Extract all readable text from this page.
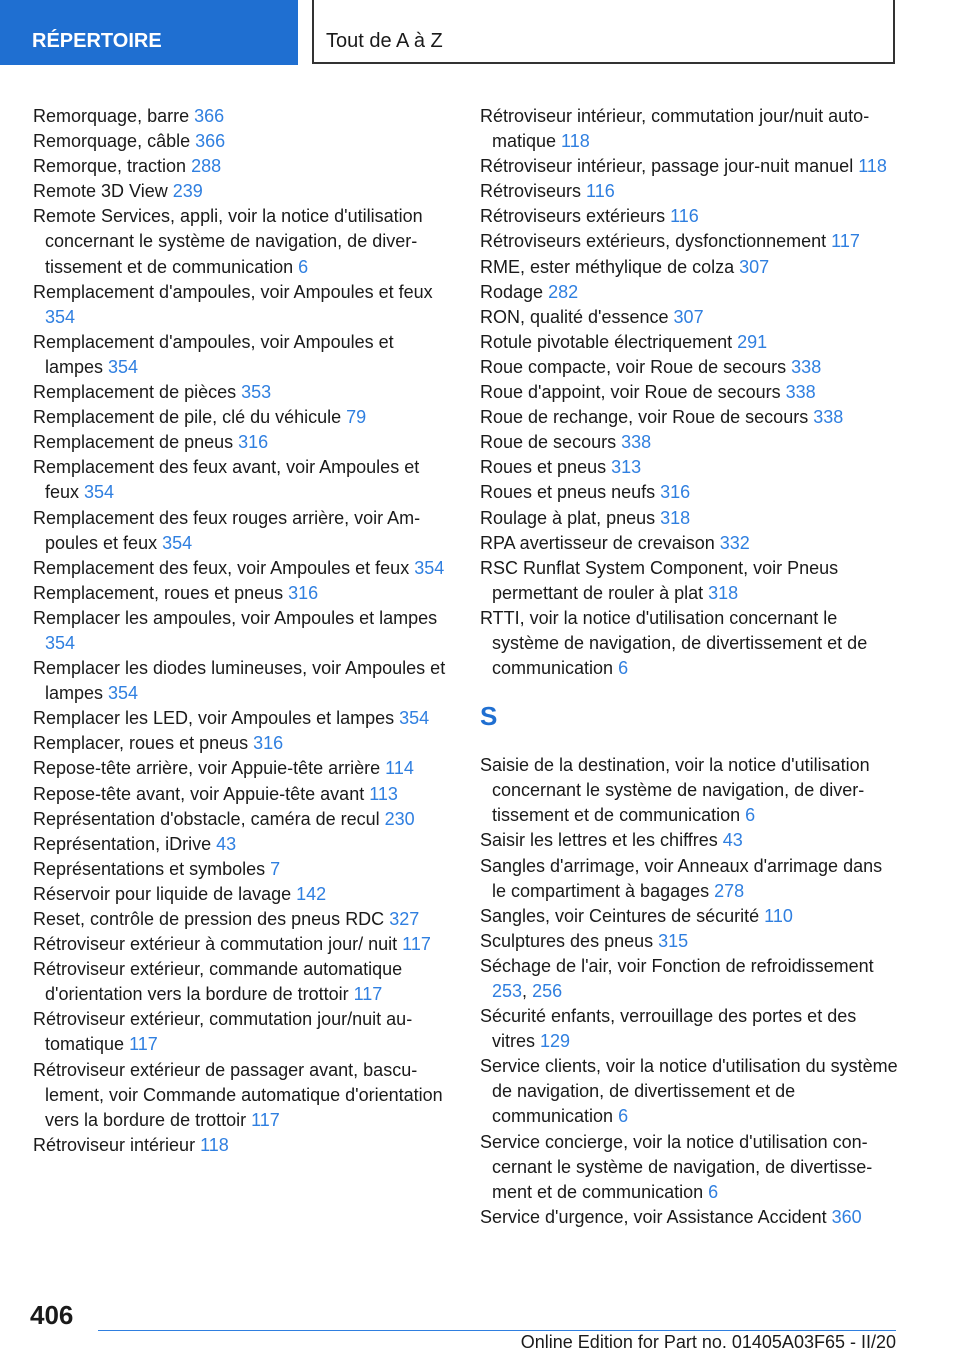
RÉPERTOIRE	Tout de A à Z
Remorquage, barre 366
Remorquage, câble 366
Remorque, traction 288
Remote 3D View 239
Remote Services, appli, voir la notice d'utilisation concernant le système de navigation, de divertissement et de communication 6
Remplacement d'ampoules, voir Ampoules et feux 354
Remplacement d'ampoules, voir Ampoules et lampes 354
Remplacement de pièces 353
Remplacement de pile, clé du véhicule 79
Remplacement de pneus 316
Remplacement des feux avant, voir Ampoules et feux 354
Remplacement des feux rouges arrière, voir Ampoules et feux 354
Remplacement des feux, voir Ampoules et feux 354
Remplacement, roues et pneus 316
Remplacer les ampoules, voir Ampoules et lampes 354
Remplacer les diodes lumineuses, voir Ampoules et lampes 354
Remplacer les LED, voir Ampoules et lampes 354
Remplacer, roues et pneus 316
Repose-tête arrière, voir Appuie-tête arrière 114
Repose-tête avant, voir Appuie-tête avant 113
Représentation d'obstacle, caméra de recul 230
Représentation, iDrive 43
Représentations et symboles 7
Réservoir pour liquide de lavage 142
Reset, contrôle de pression des pneus RDC 327
Rétroviseur extérieur à commutation jour/ nuit 117
Rétroviseur extérieur, commande automatique d'orientation vers la bordure de trottoir 117
Rétroviseur extérieur, commutation jour/nuit automatique 117
Rétroviseur extérieur de passager avant, basculement, voir Commande automatique d'orientation vers la bordure de trottoir 117
Rétroviseur intérieur 118
Rétroviseur intérieur, commutation jour/nuit automatique 118
Rétroviseur intérieur, passage jour-nuit manuel 118
Rétroviseurs 116
Rétroviseurs extérieurs 116
Rétroviseurs extérieurs, dysfonctionnement 117
RME, ester méthylique de colza 307
Rodage 282
RON, qualité d'essence 307
Rotule pivotable électriquement 291
Roue compacte, voir Roue de secours 338
Roue d'appoint, voir Roue de secours 338
Roue de rechange, voir Roue de secours 338
Roue de secours 338
Roues et pneus 313
Roues et pneus neufs 316
Roulage à plat, pneus 318
RPA avertisseur de crevaison 332
RSC Runflat System Component, voir Pneus permettant de rouler à plat 318
RTTI, voir la notice d'utilisation concernant le système de navigation, de divertissement et de communication 6
S
Saisie de la destination, voir la notice d'utilisation concernant le système de navigation, de divertissement et de communication 6
Saisir les lettres et les chiffres 43
Sangles d'arrimage, voir Anneaux d'arrimage dans le compartiment à bagages 278
Sangles, voir Ceintures de sécurité 110
Sculptures des pneus 315
Séchage de l'air, voir Fonction de refroidissement 253, 256
Sécurité enfants, verrouillage des portes et des vitres 129
Service clients, voir la notice d'utilisation du système de navigation, de divertissement et de communication 6
Service concierge, voir la notice d'utilisation concernant le système de navigation, de divertissement et de communication 6
Service d'urgence, voir Assistance Accident 360
406
Online Edition for Part no. 01405A03F65 - II/20
